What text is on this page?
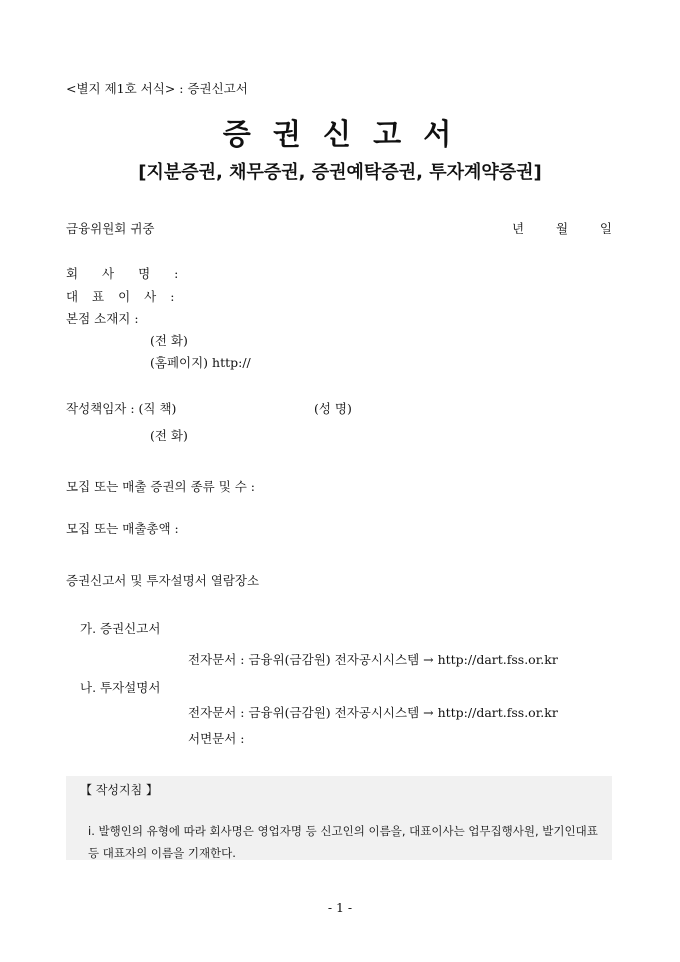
<별지 제1호 서식> : 증권신고서
증 권 신 고 서
[지분증권, 채무증권, 증권예탁증권, 투자계약증권]
금융위원회 귀중	년	월	일
회 사 명 :
대 표 이 사 :
본점 소재지 :
(전 화)
(홈페이지) http://
작성책임자 : (직 책)	(성 명)
(전 화)
모집 또는 매출 증권의 종류 및 수 :
모집 또는 매출총액 :
증권신고서 및 투자설명서 열람장소
가. 증권신고서
전자문서 : 금융위(금감원) 전자공시시스템 → http://dart.fss.or.kr
나. 투자설명서
전자문서 : 금융위(금감원) 전자공시시스템 → http://dart.fss.or.kr
서면문서 :
【 작성지침 】
ⅰ. 발행인의 유형에 따라 회사명은 영업자명 등 신고인의 이름을, 대표이사는 업무집행사원, 발기인대표 등 대표자의 이름을 기재한다.
- 1 -
